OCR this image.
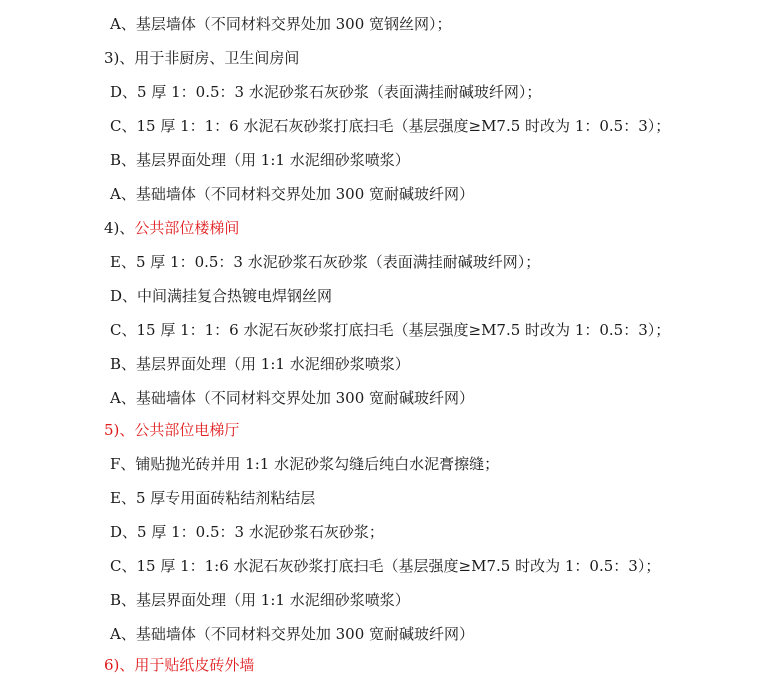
A、基层墙体（不同材料交界处加 300 宽钢丝网）；
3)、用于非厨房、卫生间房间
D、5 厚 1：0.5：3 水泥砂浆石灰砂浆（表面满挂耐碱玻纤网）；
C、15 厚 1：1：6 水泥石灰砂浆打底扫毛（基层强度≥M7.5 时改为 1：0.5：3）；
B、基层界面处理（用 1:1 水泥细砂浆喷浆）
A、基础墙体（不同材料交界处加 300 宽耐碱玻纤网）
4)、公共部位楼梯间
E、5 厚 1：0.5：3 水泥砂浆石灰砂浆（表面满挂耐碱玻纤网）；
D、中间满挂复合热镀电焊钢丝网
C、15 厚 1：1：6 水泥石灰砂浆打底扫毛（基层强度≥M7.5 时改为 1：0.5：3）；
B、基层界面处理（用 1:1 水泥细砂浆喷浆）
A、基础墙体（不同材料交界处加 300 宽耐碱玻纤网）
5)、公共部位电梯厅
F、铺贴抛光砖并用 1:1 水泥砂浆勾缝后纯白水泥膏擦缝；
E、5 厚专用面砖粘结剂粘结层
D、5 厚 1：0.5：3 水泥砂浆石灰砂浆；
C、15 厚 1：1:6 水泥石灰砂浆打底扫毛（基层强度≥M7.5 时改为 1：0.5：3）；
B、基层界面处理（用 1:1 水泥细砂浆喷浆）
A、基础墙体（不同材料交界处加 300 宽耐碱玻纤网）
6)、用于贴纸皮砖外墙
